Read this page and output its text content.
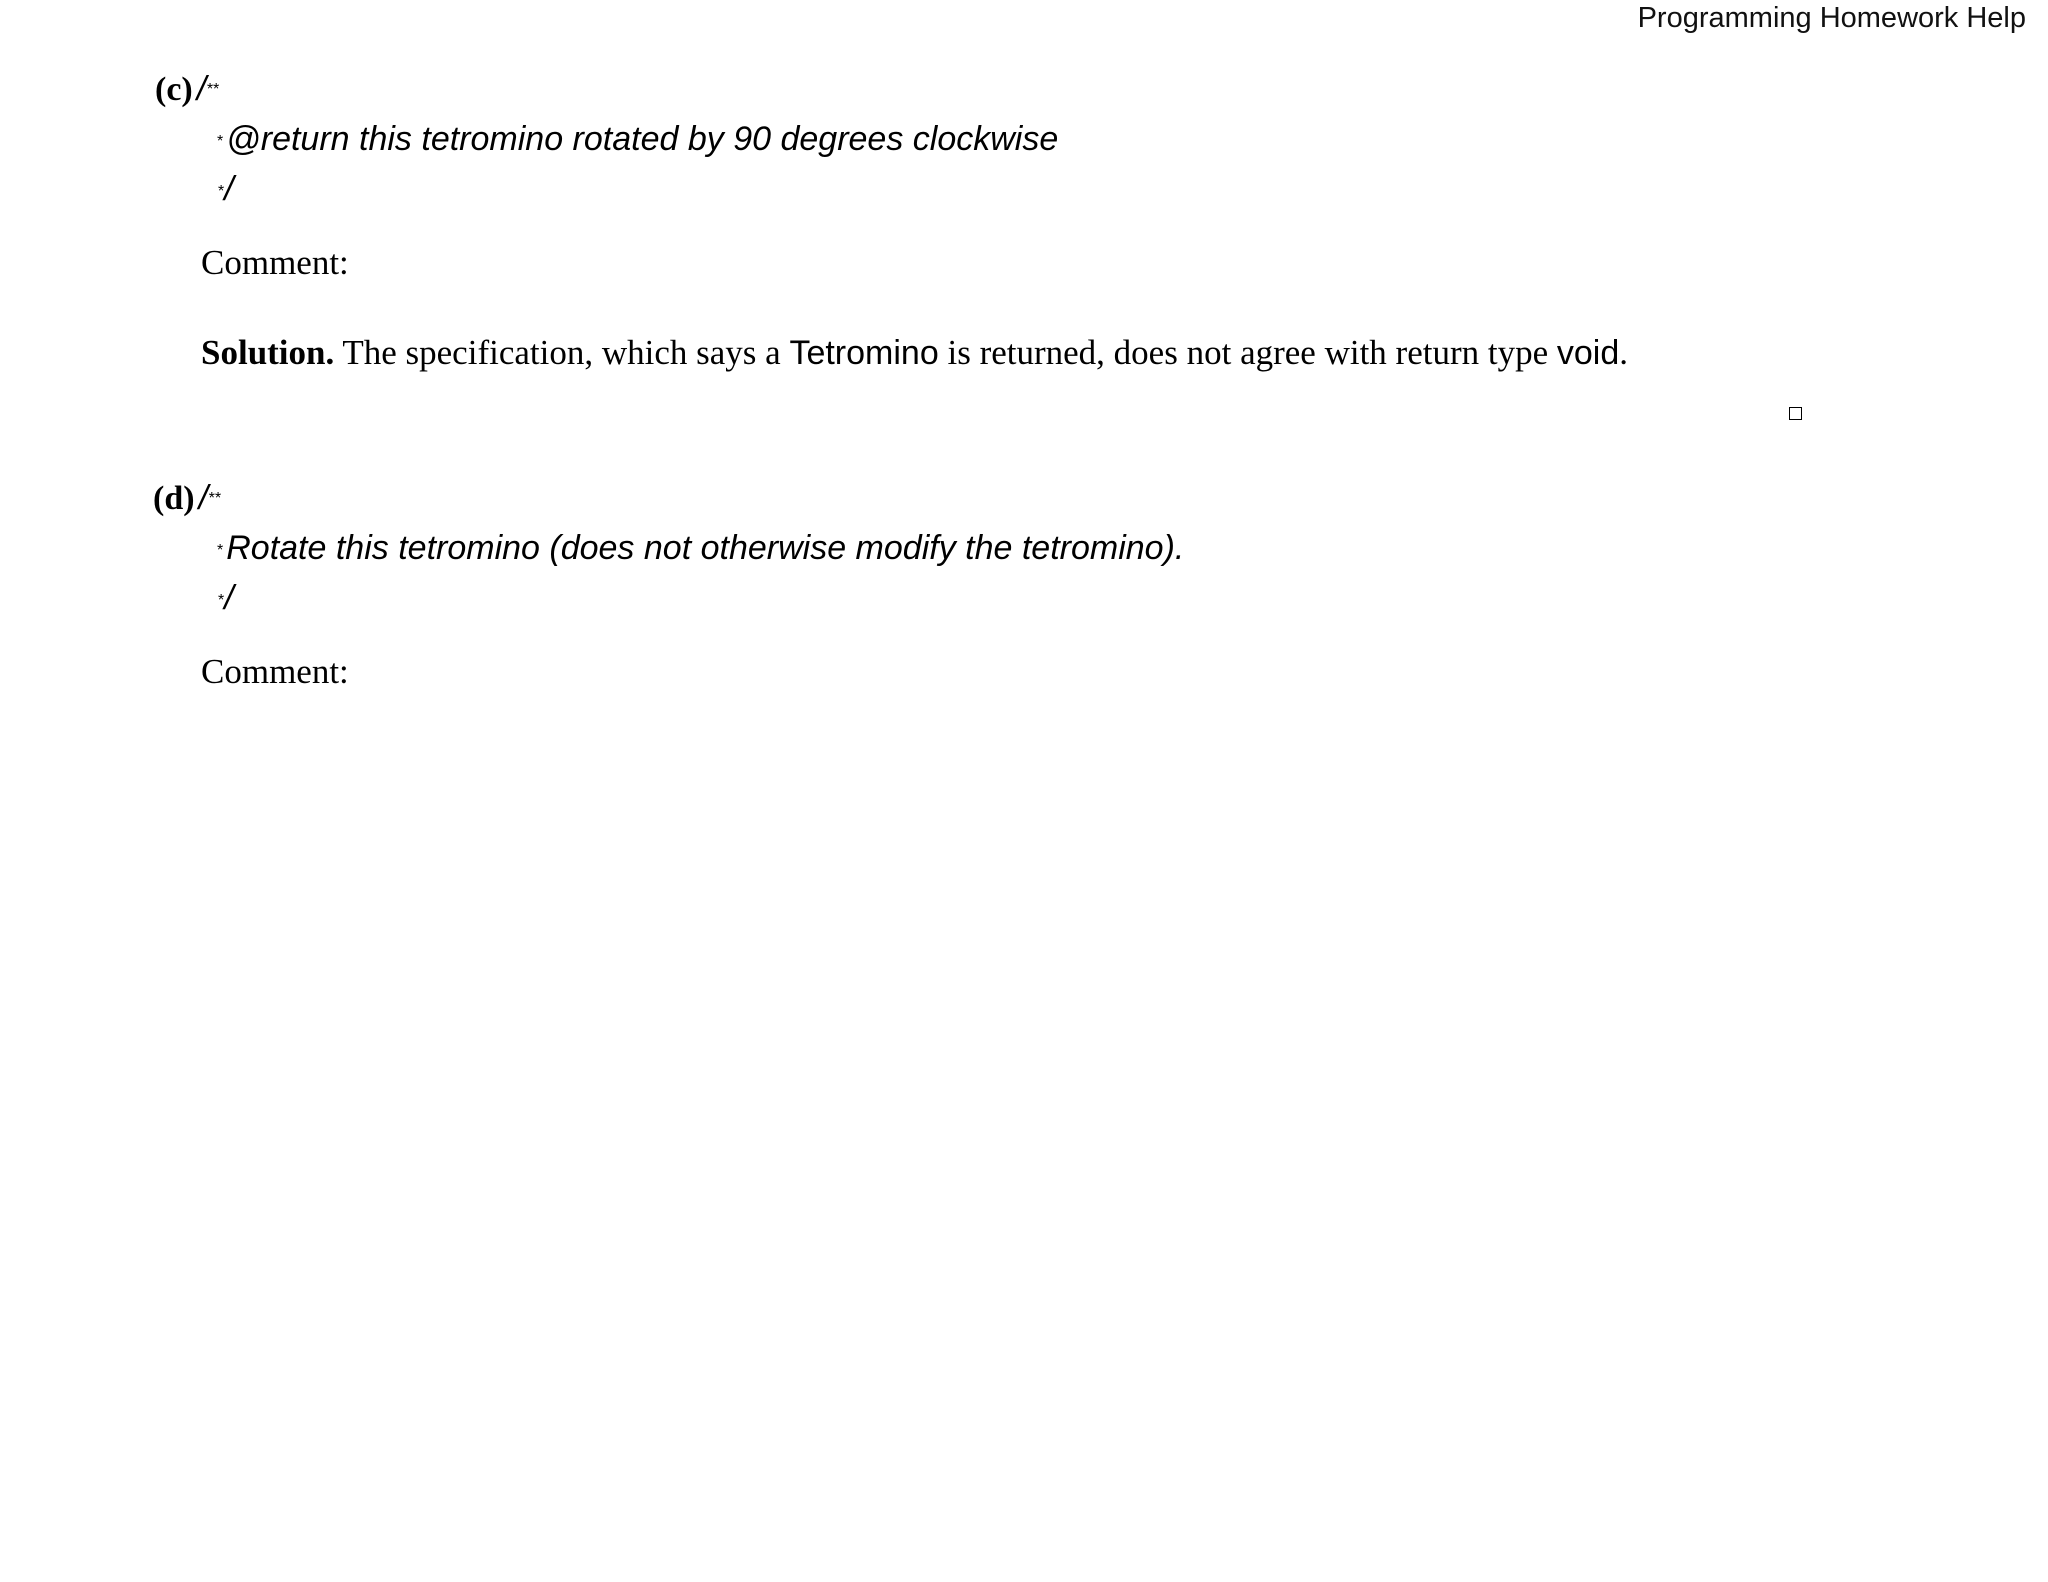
Programming Homework Help
(c) /**
*@return this tetromino rotated by 90 degrees clockwise
*/
Comment:
Solution. The specification, which says a Tetromino is returned, does not agree with return type void.
(d) /**
*Rotate this tetromino (does not otherwise modify the tetromino).
*/
Comment:
